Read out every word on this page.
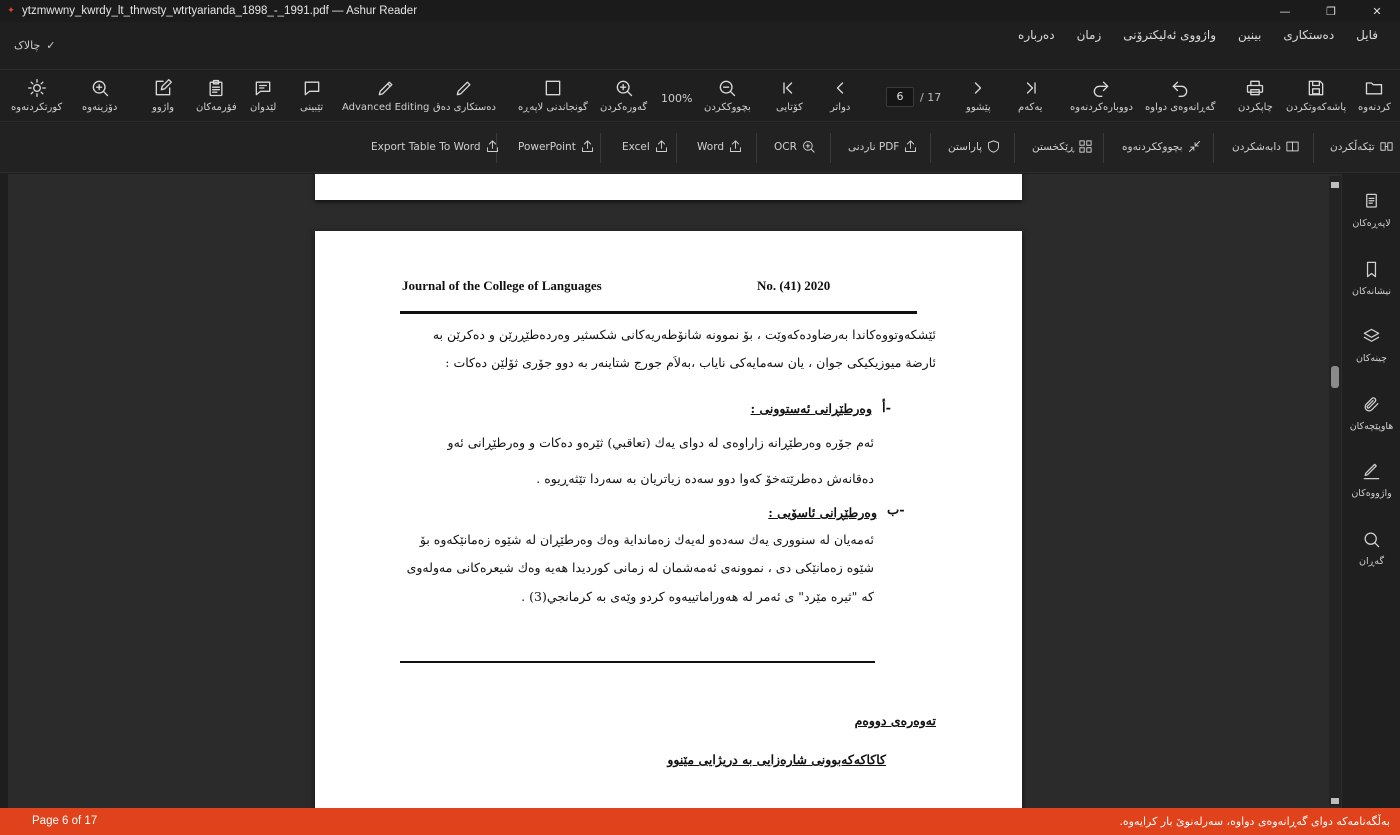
✦ ytzmwwny_kwrdy_lt_thrwsty_wtrtyarianda_1898_-_1991.pdf — Ashur Reader	—	❐	✕
فایل
دەستکاری
بینین
واژووی ئەلیکترۆنی
زمان
دەربارە
چالاک ✓
کردنەوە
پاشەکەوتکردن
چاپکردن
گەڕانەوەی دواوە
دووبارەکردنەوە
یەکەم
پێشوو
6	/ 17
دواتر
کۆتایی
بچووککردن
100%
گەورەکردن
گونجاندنی لاپەڕە
دەستکاری دەق
Advanced Editing
تێبینی
لێدوان
فۆرمەکان
واژوو
دۆزینەوە
کورتکردنەوە
تێکەڵکردن
دابەشکردن
بچووککردنەوە
ڕێکخستن
پاراستن
ناردنی PDF
OCR
Word
Excel
PowerPoint
Export Table To Word
Journal of the College of Languages	No. (41) 2020
ئێشکەوتووەکاندا بەرضاودەکەوێت ، بۆ نموونە شانۆطەریەکانی شکسثیر وەردەطێڕرێن و دەکرێن بە
ئارضة میوزیکیکی جوان ، یان سەمایەکی نایاب ،بەلاَم جورج شتاینەر بە دوو جۆری ثۆلێن دەکات :
أ-
وەرطێڕانی ئەستوونی :
ئەم جۆرە وەرطێڕانە زاراوەی لە دوای یەك (تعاقبي) ثێرەو دەكات و وەرطێڕانی ئەو
دەقانەش دەطرێتەخۆ كەوا دوو سەدە زیاتریان بە سەردا تێثەڕیوە .
ب-
وەرطێڕانی ئاسۆیی :
ئەمەیان لە سنووری یەك سەدەو لەیەك زەمانداية وەك وەرطێڕان لە شێوە زەمانێكەوە بۆ
شێوە زەمانێكی دی ، نموونەی ئەمەشمان لە زمانی كوردیدا هەیە وەك شیعرەكانی مەولەوی
كە "ثیرە مێرد" ی ئەمر لە هەوراماتیيەوە كردو وێەی بە كرمانجي(3) .
تەوەرەی دووەم
کاکاکەکەبوونی شارەزایی بە دریژایی مێنوو
لاپەڕەکان
نیشانەکان
چینەکان
هاوپێچەکان
واژووەکان
گەڕان
Page 6 of 17	بەڵگەنامەکە دوای گەڕانەوەی دواوە، سەرلەنوێ بار کرایەوە.
